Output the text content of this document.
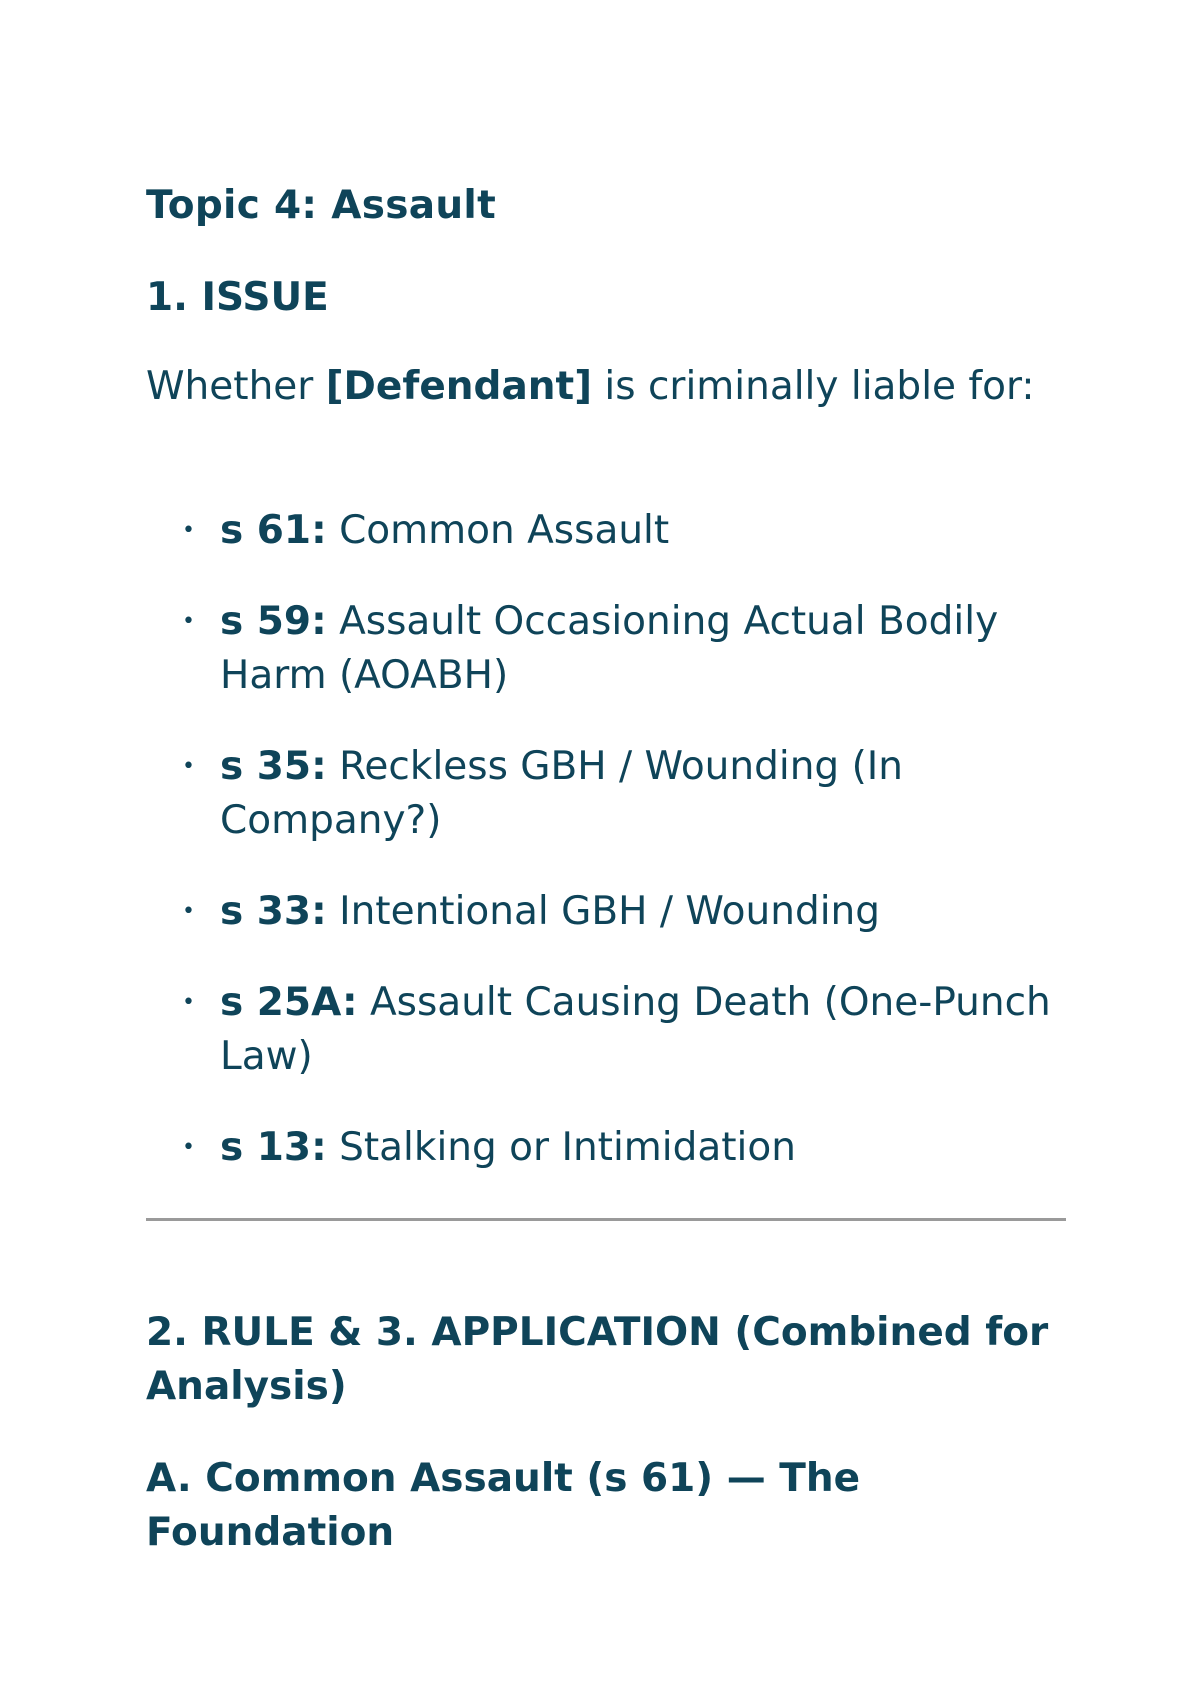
Topic 4: Assault
1. ISSUE

Whether [Defendant] is criminally liable for:

• s 61: Common Assault
• s 59: Assault Occasioning Actual Bodily Harm (AOABH)
• s 35: Reckless GBH / Wounding (In Company?)
• s 33: Intentional GBH / Wounding
• s 25A: Assault Causing Death (One-Punch Law)
• s 13: Stalking or Intimidation
2. RULE & 3. APPLICATION (Combined for Analysis)
A. Common Assault (s 61) — The Foundation
